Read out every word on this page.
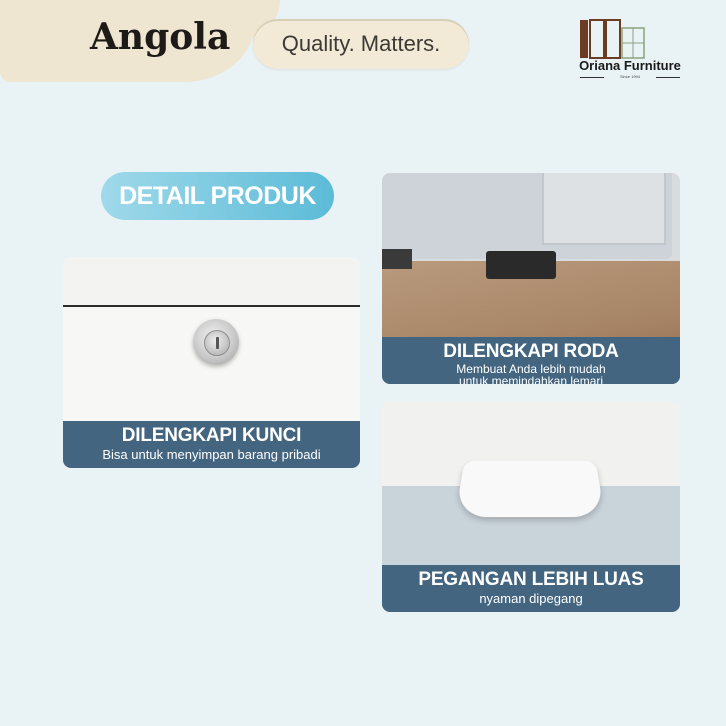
Angola Quality. Matters.
Oriana Furniture
Since 1994
DETAIL PRODUK
DILENGKAPI KUNCI
Bisa untuk menyimpan barang pribadi
DILENGKAPI RODA
Membuat Anda lebih mudah untuk memindahkan lemari
PEGANGAN LEBIH LUAS
nyaman dipegang
